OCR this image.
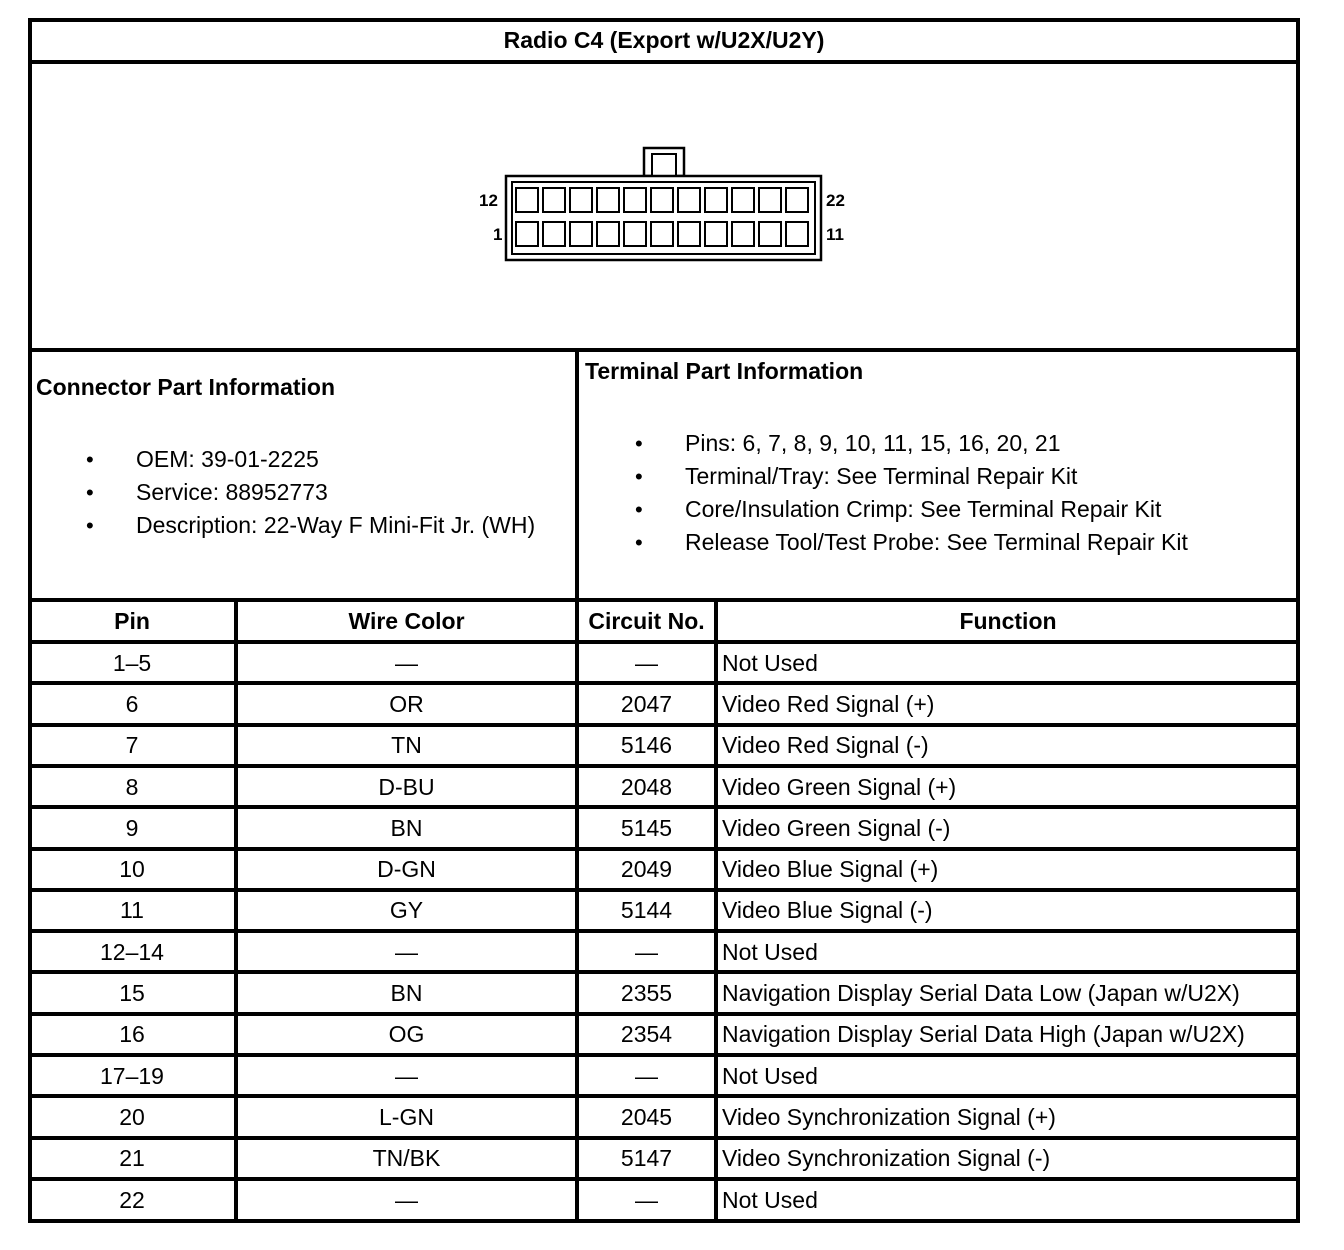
Radio C4 (Export w/U2X/U2Y)
12
1
22
11
Connector Part Information
• OEM: 39-01-2225
• Service: 88952773
• Description: 22-Way F Mini-Fit Jr. (WH)
Terminal Part Information
• Pins: 6, 7, 8, 9, 10, 11, 15, 16, 20, 21
• Terminal/Tray: See Terminal Repair Kit
• Core/Insulation Crimp: See Terminal Repair Kit
• Release Tool/Test Probe: See Terminal Repair Kit
Pin	Wire Color	Circuit No.	Function
1–5	—	—	Not Used
6	OR	2047	Video Red Signal (+)
7	TN	5146	Video Red Signal (-)
8	D-BU	2048	Video Green Signal (+)
9	BN	5145	Video Green Signal (-)
10	D-GN	2049	Video Blue Signal (+)
11	GY	5144	Video Blue Signal (-)
12–14	—	—	Not Used
15	BN	2355	Navigation Display Serial Data Low (Japan w/U2X)
16	OG	2354	Navigation Display Serial Data High (Japan w/U2X)
17–19	—	—	Not Used
20	L-GN	2045	Video Synchronization Signal (+)
21	TN/BK	5147	Video Synchronization Signal (-)
22	—	—	Not Used
